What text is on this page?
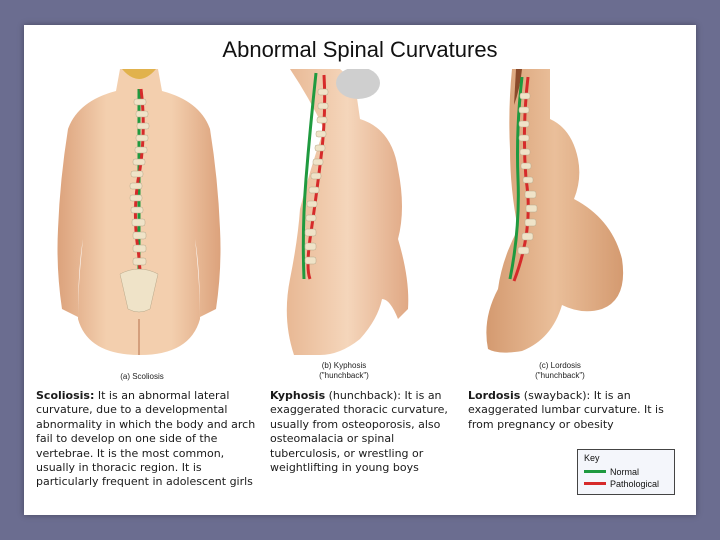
Abnormal Spinal Curvatures
(a) Scoliosis
(b) Kyphosis
("hunchback")
(c) Lordosis
("hunchback")
Scoliosis: It is an abnormal lateral curvature, due to a developmental abnormality in which the body and arch fail to develop on one side of the vertebrae. It is the most common, usually in thoracic region. It is particularly frequent in adolescent girls
Kyphosis (hunchback): It is an exaggerated thoracic curvature, usually from osteoporosis, also osteomalacia or spinal tuberculosis, or wrestling or weightlifting in young boys
Lordosis (swayback): It is an exaggerated lumbar curvature. It is from pregnancy or obesity
Key
Normal
Pathological
